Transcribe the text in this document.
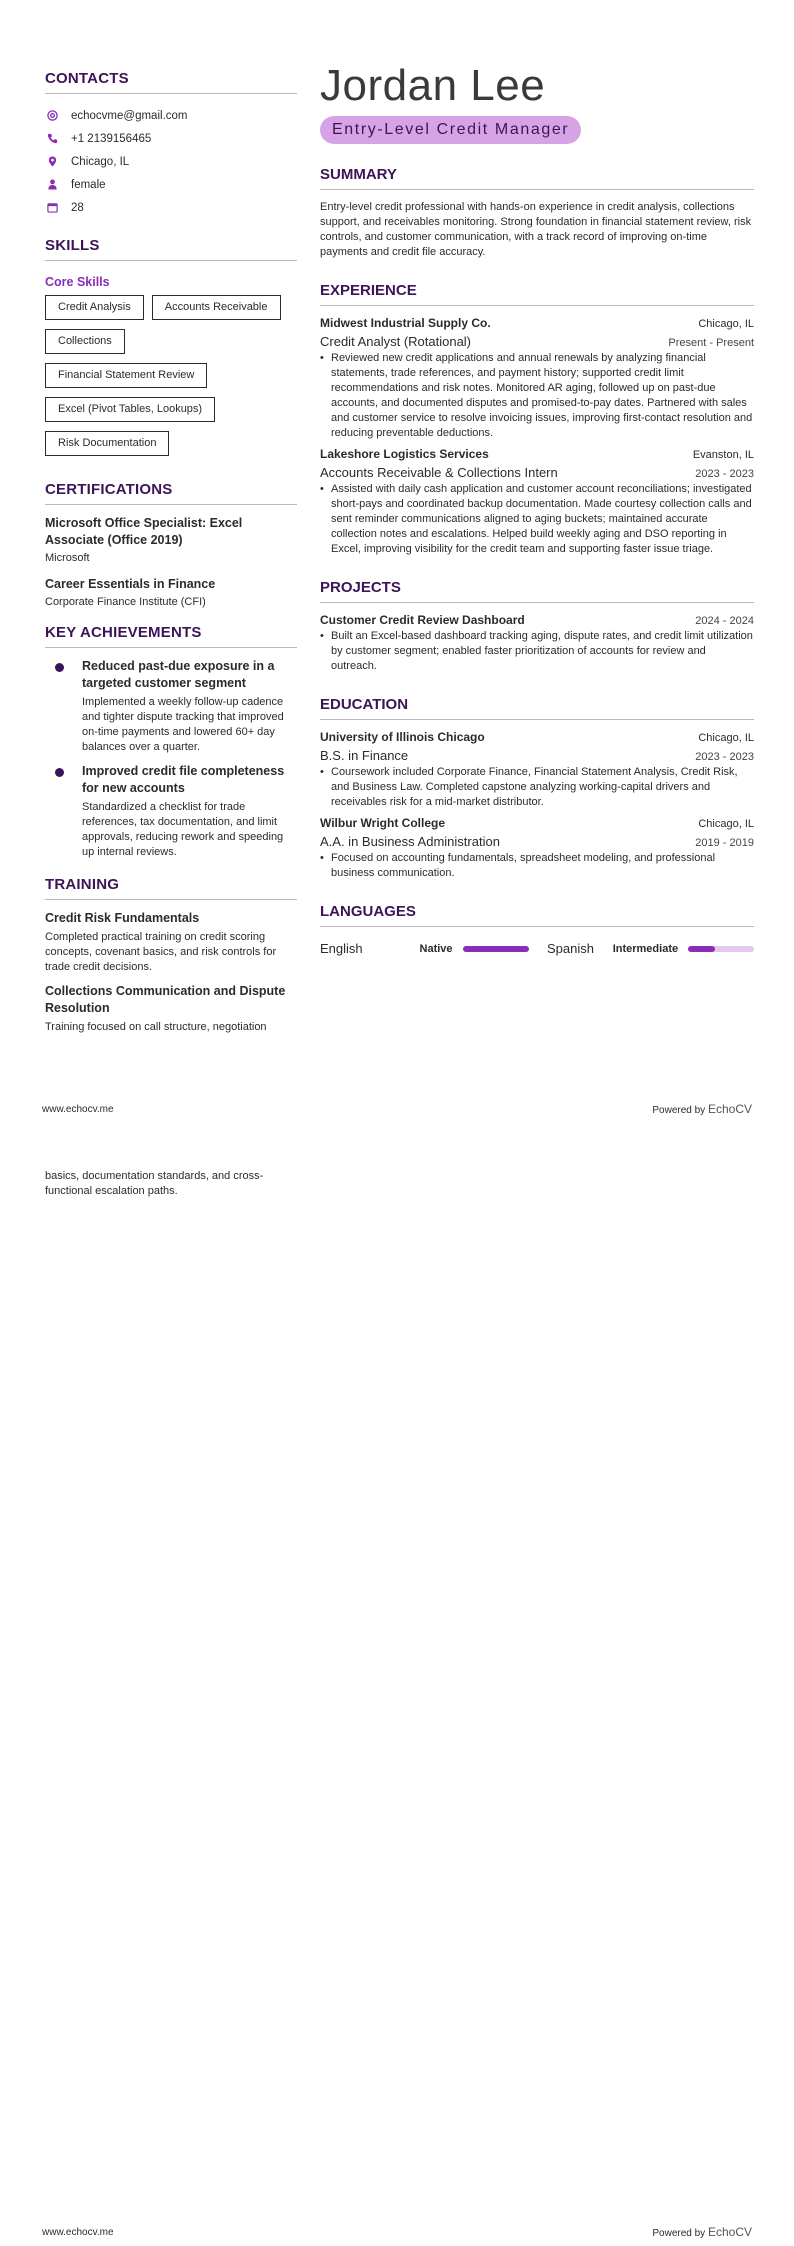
CONTACTS
echocvme@gmail.com
+1 2139156465
Chicago, IL
female
28
SKILLS
Core Skills
Credit Analysis	Accounts Receivable
Collections
Financial Statement Review
Excel (Pivot Tables, Lookups)
Risk Documentation
CERTIFICATIONS
Microsoft Office Specialist: Excel Associate (Office 2019)
Microsoft
Career Essentials in Finance
Corporate Finance Institute (CFI)
KEY ACHIEVEMENTS
Reduced past-due exposure in a targeted customer segment
Implemented a weekly follow-up cadence and tighter dispute tracking that improved on-time payments and lowered 60+ day balances over a quarter.
Improved credit file completeness for new accounts
Standardized a checklist for trade references, tax documentation, and limit approvals, reducing rework and speeding up internal reviews.
TRAINING
Credit Risk Fundamentals
Completed practical training on credit scoring concepts, covenant basics, and risk controls for trade credit decisions.
Collections Communication and Dispute Resolution
Training focused on call structure, negotiation
Jordan Lee
Entry-Level Credit Manager
SUMMARY
Entry-level credit professional with hands-on experience in credit analysis, collections support, and receivables monitoring. Strong foundation in financial statement review, risk controls, and customer communication, with a track record of improving on-time payments and credit file accuracy.
EXPERIENCE
Midwest Industrial Supply Co.	Chicago, IL
Credit Analyst (Rotational)	Present - Present
• Reviewed new credit applications and annual renewals by analyzing financial statements, trade references, and payment history; supported credit limit recommendations and risk notes. Monitored AR aging, followed up on past-due accounts, and documented disputes and promised-to-pay dates. Partnered with sales and customer service to resolve invoicing issues, improving first-contact resolution and reducing preventable deductions.
Lakeshore Logistics Services	Evanston, IL
Accounts Receivable & Collections Intern	2023 - 2023
• Assisted with daily cash application and customer account reconciliations; investigated short-pays and coordinated backup documentation. Made courtesy collection calls and sent reminder communications aligned to aging buckets; maintained accurate collection notes and escalations. Helped build weekly aging and DSO reporting in Excel, improving visibility for the credit team and supporting faster issue triage.
PROJECTS
Customer Credit Review Dashboard	2024 - 2024
• Built an Excel-based dashboard tracking aging, dispute rates, and credit limit utilization by customer segment; enabled faster prioritization of accounts for review and outreach.
EDUCATION
University of Illinois Chicago	Chicago, IL
B.S. in Finance	2023 - 2023
• Coursework included Corporate Finance, Financial Statement Analysis, Credit Risk, and Business Law. Completed capstone analyzing working-capital drivers and receivables risk for a mid-market distributor.
Wilbur Wright College	Chicago, IL
A.A. in Business Administration	2019 - 2019
• Focused on accounting fundamentals, spreadsheet modeling, and professional business communication.
LANGUAGES
English	Native	Spanish	Intermediate
www.echocv.me	Powered by EchoCV
basics, documentation standards, and cross-functional escalation paths.
www.echocv.me	Powered by EchoCV
